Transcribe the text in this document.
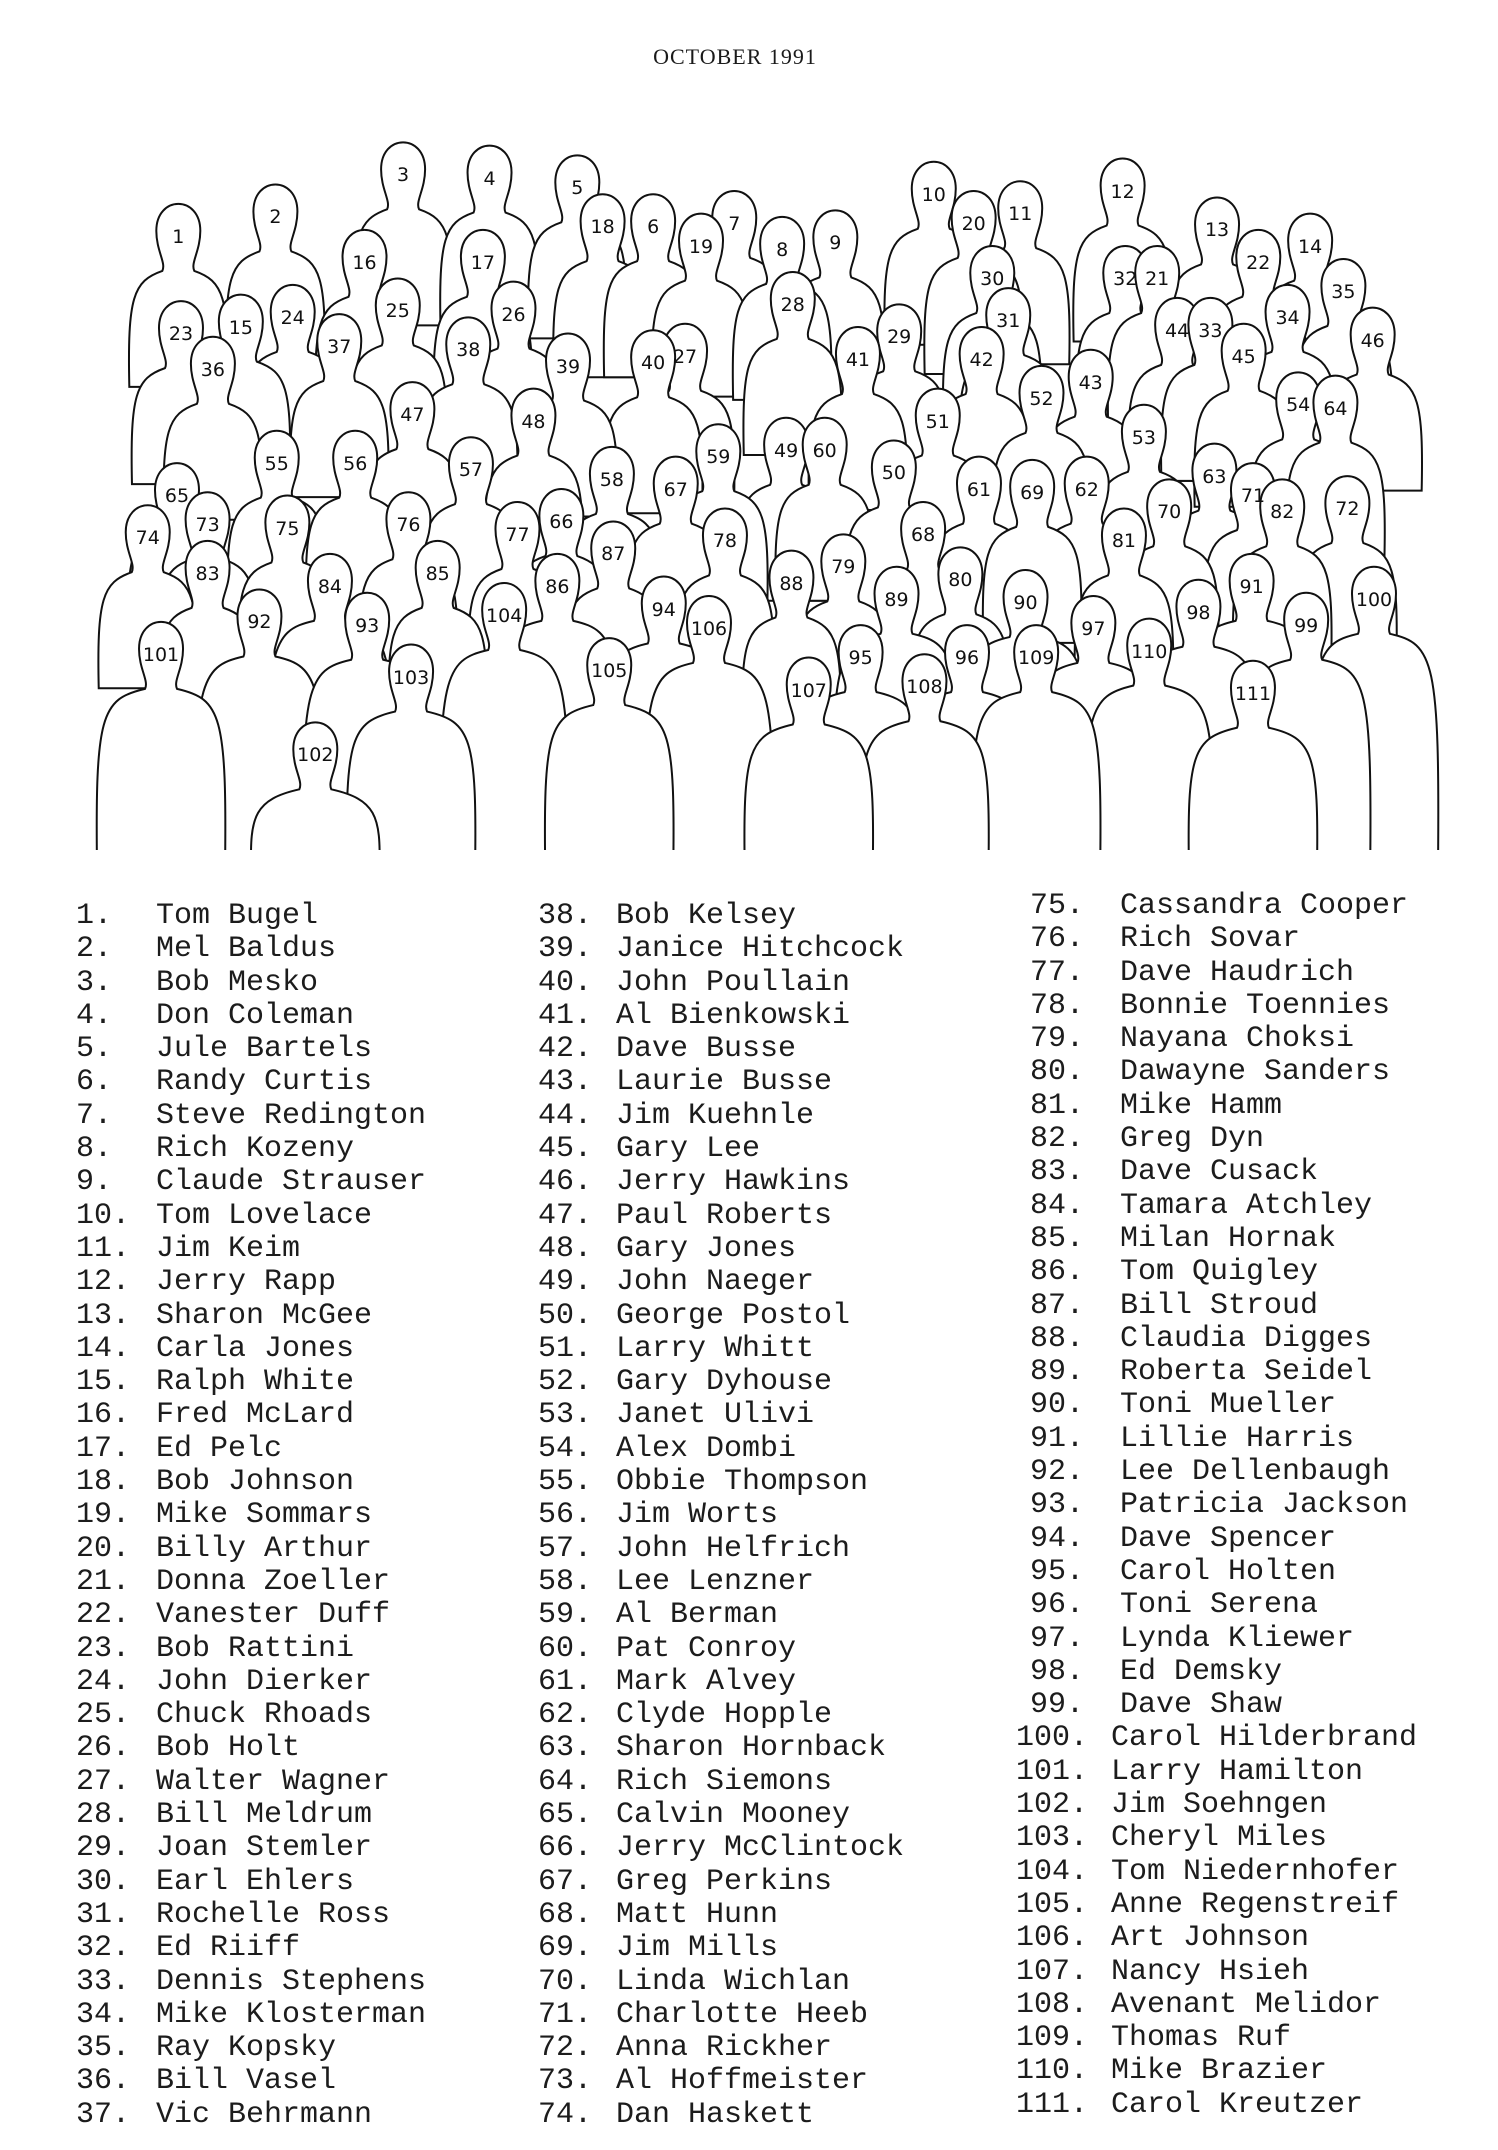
OCTOBER 1991
3	4	5	12
10
11
2	7	20
18 6	13
1	9
19	14
8
16	17	22
30	32 21
35
28
25	26	34
24	31
15	44 33
23	29	46
37	38	45
27	41	42
40
39
36
43
52	54 64
47	48	51
53
49 60
59
55	56	57	50	63
58 67	61	62
69	71
65
72
82
70
66
73	76
75	77	68
74	81
78
87
79
83	85	80
88
84	86	91
89	100
90
94	98
104
92	93	99
106	97
110
101	95	96 109
105
103	108
107	111
102
1.	Tom Bugel
2.	Mel Baldus
3.	Bob Mesko
4.	Don Coleman
5.	Jule Bartels
6.	Randy Curtis
7.	Steve Redington
8.	Rich Kozeny
9.	Claude Strauser
10. Tom Lovelace
11. Jim Keim
12. Jerry Rapp
13. Sharon McGee
14. Carla Jones
15. Ralph White
16. Fred McLard
17. Ed Pelc
18. Bob Johnson
19. Mike Sommars
20. Billy Arthur
21. Donna Zoeller
22. Vanester Duff
23. Bob Rattini
24. John Dierker
25. Chuck Rhoads
26. Bob Holt
27. Walter Wagner
28. Bill Meldrum
29. Joan Stemler
30. Earl Ehlers
31. Rochelle Ross
32. Ed Riiff
33. Dennis Stephens
34. Mike Klosterman
35. Ray Kopsky
36. Bill Vasel
37. Vic Behrmann
38. Bob Kelsey
39. Janice Hitchcock
40. John Poullain
41. Al Bienkowski
42. Dave Busse
43. Laurie Busse
44. Jim Kuehnle
45. Gary Lee
46. Jerry Hawkins
47. Paul Roberts
48. Gary Jones
49. John Naeger
50. George Postol
51. Larry Whitt
52. Gary Dyhouse
53. Janet Ulivi
54. Alex Dombi
55. Obbie Thompson
56. Jim Worts
57. John Helfrich
58. Lee Lenzner
59. Al Berman
60. Pat Conroy
61. Mark Alvey
62. Clyde Hopple
63. Sharon Hornback
64. Rich Siemons
65. Calvin Mooney
66. Jerry McClintock
67. Greg Perkins
68. Matt Hunn
69. Jim Mills
70. Linda Wichlan
71. Charlotte Heeb
72. Anna Rickher
73. Al Hoffmeister
74. Dan Haskett
75.	Cassandra Cooper
76.	Rich Sovar
77.	Dave Haudrich
78.	Bonnie Toennies
79.	Nayana Choksi
80.	Dawayne Sanders
81.	Mike Hamm
82.	Greg Dyn
83.	Dave Cusack
84.	Tamara Atchley
85.	Milan Hornak
86.	Tom Quigley
87.	Bill Stroud
88.	Claudia Digges
89.	Roberta Seidel
90.	Toni Mueller
91.	Lillie Harris
92.	Lee Dellenbaugh
93.	Patricia Jackson
94.	Dave Spencer
95.	Carol Holten
96.	Toni Serena
97.	Lynda Kliewer
98.	Ed Demsky
99.	Dave Shaw
100. Carol Hilderbrand
101. Larry Hamilton
102. Jim Soehngen
103. Cheryl Miles
104. Tom Niedernhofer
105. Anne Regenstreif
106. Art Johnson
107. Nancy Hsieh
108. Avenant Melidor
109. Thomas Ruf
110. Mike Brazier
111. Carol Kreutzer
